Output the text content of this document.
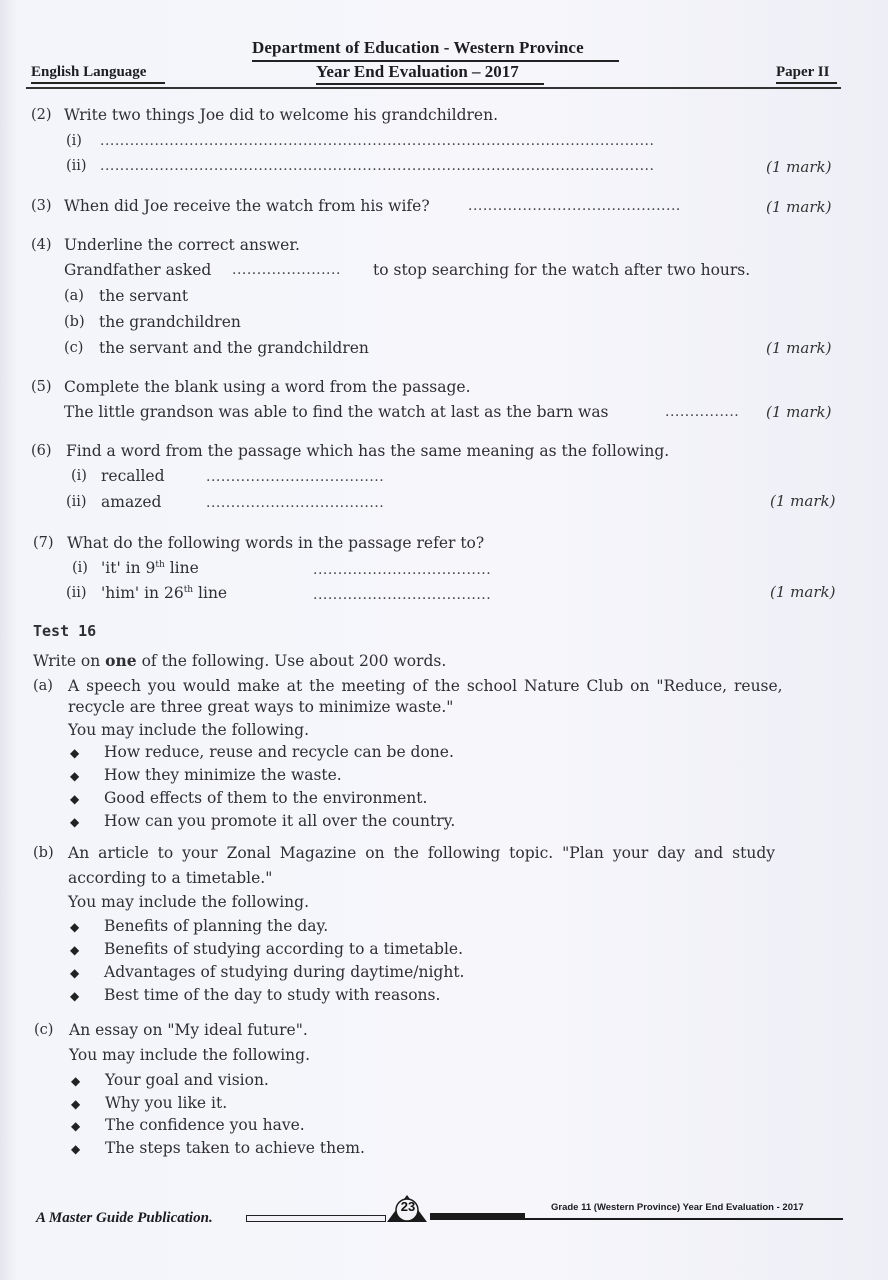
Department of Education - Western Province
Year End Evaluation – 2017
English Language	Paper II
(2) Write two things Joe did to welcome his grandchildren.
(i) ................................................................................................................
(ii) ................................................................................................................	(1 mark)
(3) When did Joe receive the watch from his wife?	...........................................	(1 mark)
(4) Underline the correct answer.
Grandfather asked ......................	to stop searching for the watch after two hours.
(a) the servant
(b) the grandchildren
(c) the servant and the grandchildren	(1 mark)
(5) Complete the blank using a word from the passage.
The little grandson was able to find the watch at last as the barn was	...............	(1 mark)
(6) Find a word from the passage which has the same meaning as the following.
(i) recalled	....................................
(ii) amazed	....................................	(1 mark)
(7) What do the following words in the passage refer to?
(i) 'it' in 9th line	....................................
(ii) 'him' in 26th line	....................................	(1 mark)
Test 16
Write on one of the following. Use about 200 words.
(a) A speech you would make at the meeting of the school Nature Club on "Reduce, reuse,
recycle are three great ways to minimize waste."
You may include the following.
◆ How reduce, reuse and recycle can be done.
◆ How they minimize the waste.
◆ Good effects of them to the environment.
◆ How can you promote it all over the country.
(b) An article to your Zonal Magazine on the following topic. "Plan your day and study
according to a timetable."
You may include the following.
◆ Benefits of planning the day.
◆ Benefits of studying according to a timetable.
◆ Advantages of studying during daytime/night.
◆ Best time of the day to study with reasons.
(c) An essay on "My ideal future".
You may include the following.
◆ Your goal and vision.
◆ Why you like it.
◆ The confidence you have.
◆ The steps taken to achieve them.
A Master Guide Publication.
23	Grade 11 (Western Province) Year End Evaluation - 2017
